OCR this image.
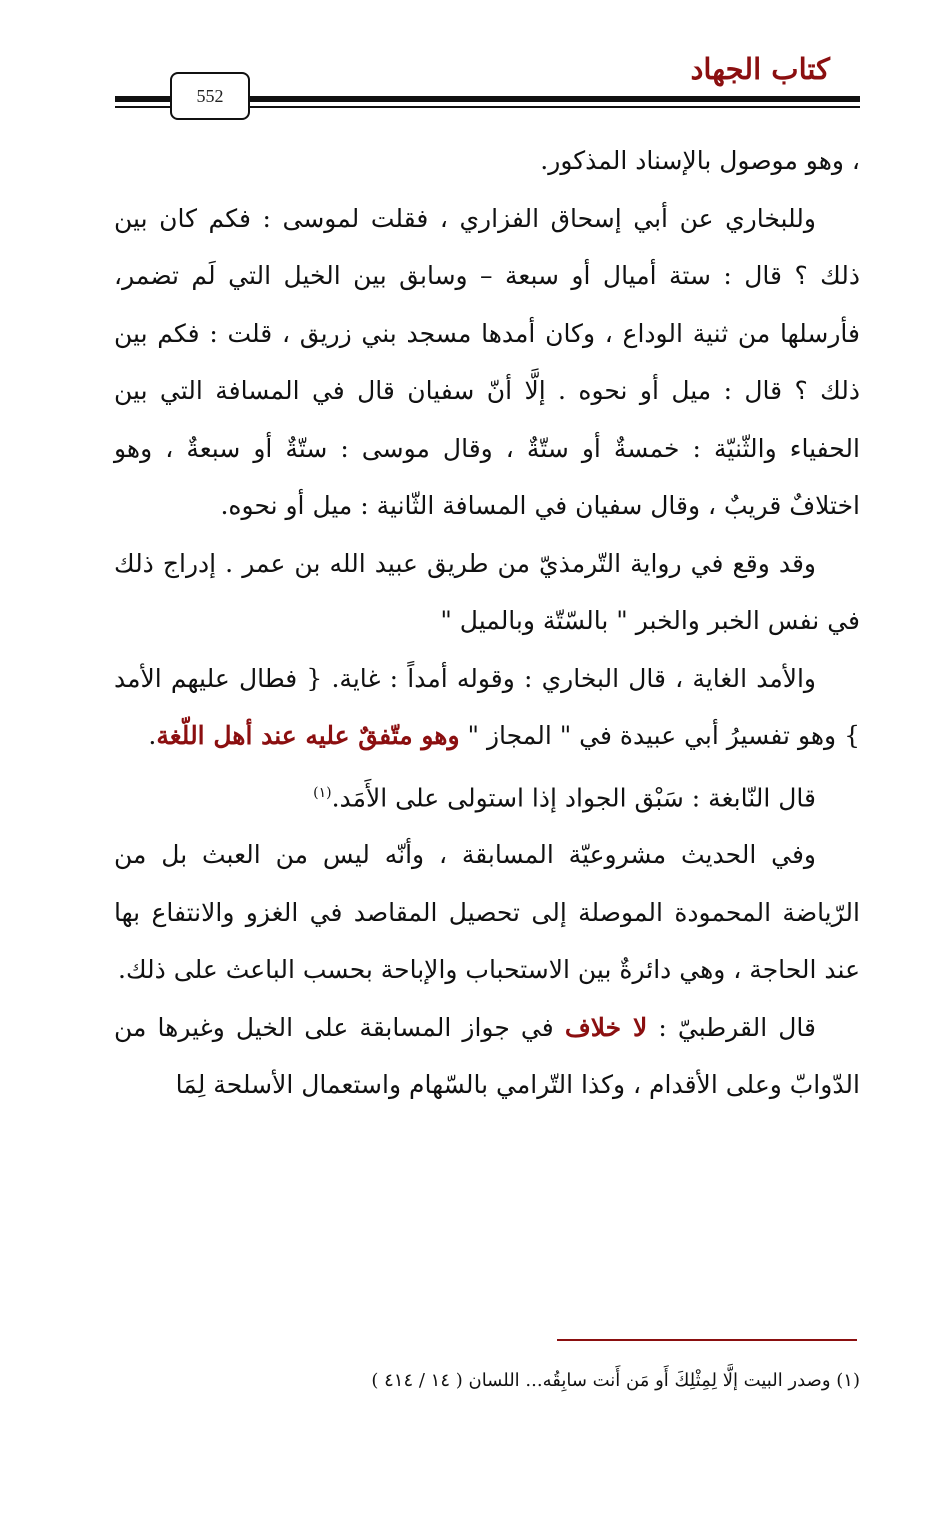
كتاب الجهاد
552

، وهو موصول بالإسناد المذكور.

وللبخاري عن أبي إسحاق الفزاري ، فقلت لموسى : فكم كان بين ذلك ؟ قال : ستة أميال أو سبعة – وسابق بين الخيل التي لَم تضمر، فأرسلها من ثنية الوداع ، وكان أمدها مسجد بني زريق ، قلت : فكم بين ذلك ؟ قال : ميل أو نحوه . إلَّا أنّ سفيان قال في المسافة التي بين الحفياء والثّنيّة : خمسةٌ أو ستّةٌ ، وقال موسى : ستّةٌ أو سبعةٌ ، وهو اختلافٌ قريبٌ ، وقال سفيان في المسافة الثّانية : ميل أو نحوه.

وقد وقع في رواية التّرمذيّ من طريق عبيد الله بن عمر . إدراج ذلك في نفس الخبر والخبر " بالسّتّة وبالميل "

والأمد الغاية ، قال البخاري : وقوله أمداً : غاية. { فطال عليهم الأمد } وهو تفسيرُ أبي عبيدة في " المجاز " وهو متّفقٌ عليه عند أهل اللّغة.

قال النّابغة : سَبْق الجواد إذا استولى على الأَمَد.$^{(١)}$

وفي الحديث مشروعيّة المسابقة ، وأنّه ليس من العبث بل من الرّياضة المحمودة الموصلة إلى تحصيل المقاصد في الغزو والانتفاع بها عند الحاجة ، وهي دائرةٌ بين الاستحباب والإباحة بحسب الباعث على ذلك.

قال القرطبيّ : لا خلاف في جواز المسابقة على الخيل وغيرها من الدّوابّ وعلى الأقدام ، وكذا التّرامي بالسّهام واستعمال الأسلحة لِمَا

(١) وصدر البيت إلَّا لِمِثْلِكَ أَو مَن أَنت سابِقُه... اللسان ( ١٤ / ٤١٤ )
